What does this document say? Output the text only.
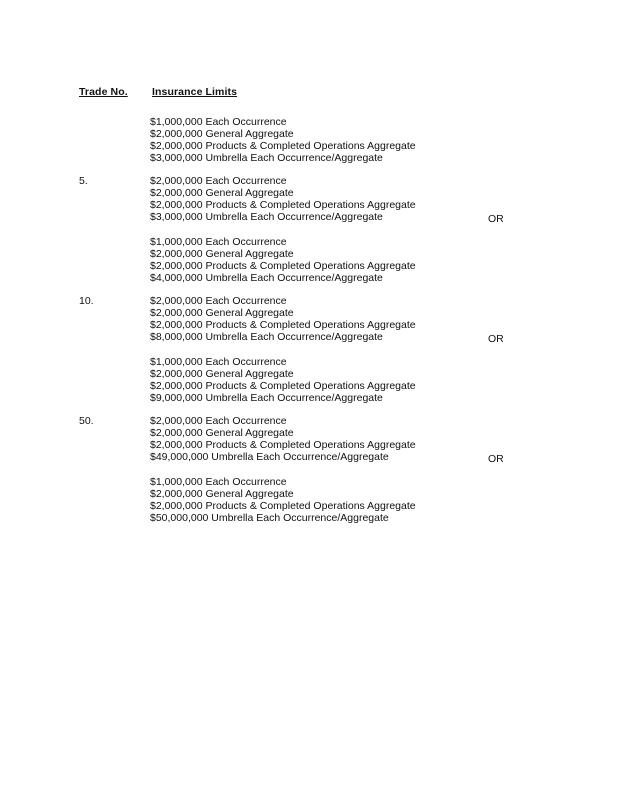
Trade No. Insurance Limits
$1,000,000 Each Occurrence
$2,000,000 General Aggregate
$2,000,000 Products & Completed Operations Aggregate
$3,000,000 Umbrella Each Occurrence/Aggregate
5.	$2,000,000 Each Occurrence
$2,000,000 General Aggregate
$2,000,000 Products & Completed Operations Aggregate
$3,000,000 Umbrella Each Occurrence/Aggregate	OR
$1,000,000 Each Occurrence
$2,000,000 General Aggregate
$2,000,000 Products & Completed Operations Aggregate
$4,000,000 Umbrella Each Occurrence/Aggregate
10.	$2,000,000 Each Occurrence
$2,000,000 General Aggregate
$2,000,000 Products & Completed Operations Aggregate
$8,000,000 Umbrella Each Occurrence/Aggregate	OR
$1,000,000 Each Occurrence
$2,000,000 General Aggregate
$2,000,000 Products & Completed Operations Aggregate
$9,000,000 Umbrella Each Occurrence/Aggregate
50.	$2,000,000 Each Occurrence
$2,000,000 General Aggregate
$2,000,000 Products & Completed Operations Aggregate
$49,000,000 Umbrella Each Occurrence/Aggregate	OR
$1,000,000 Each Occurrence
$2,000,000 General Aggregate
$2,000,000 Products & Completed Operations Aggregate
$50,000,000 Umbrella Each Occurrence/Aggregate
